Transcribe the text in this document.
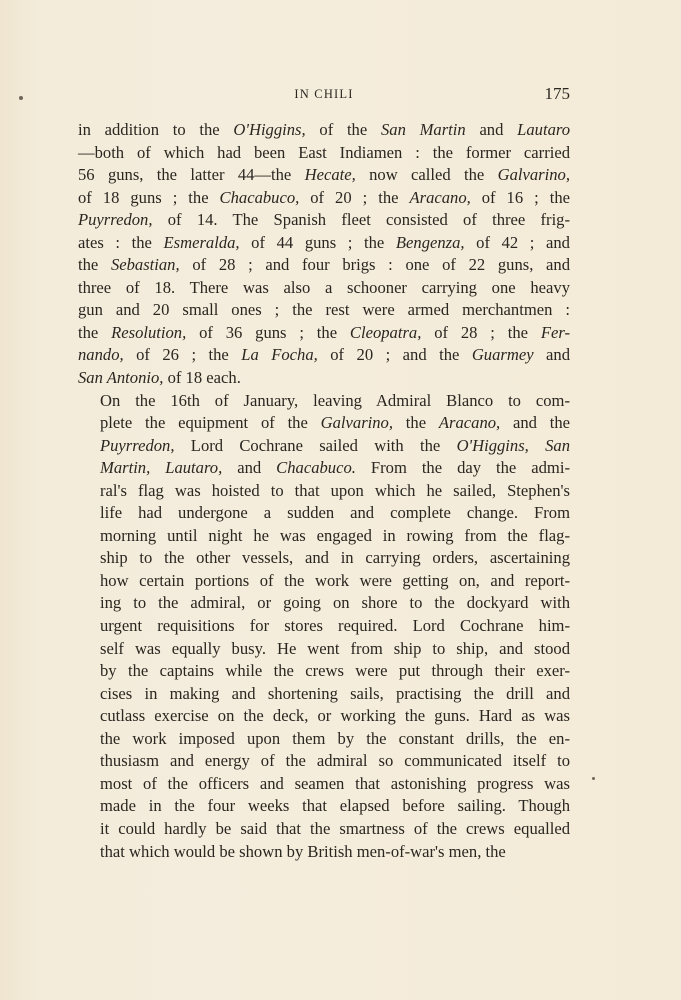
IN CHILI	175

in addition to the O'Higgins, of the San Martin and Lautaro
—both of which had been East Indiamen : the former carried
56 guns, the latter 44—the Hecate, now called the Galvarino,
of 18 guns ; the Chacabuco, of 20 ; the Aracano, of 16 ; the
Puyrredon, of 14. The Spanish fleet consisted of three frig-
ates : the Esmeralda, of 44 guns ; the Bengenza, of 42 ; and
the Sebastian, of 28 ; and four brigs : one of 22 guns, and
three of 18. There was also a schooner carrying one heavy
gun and 20 small ones ; the rest were armed merchantmen :
the Resolution, of 36 guns ; the Cleopatra, of 28 ; the Fer-
nando, of 26 ; the La Focha, of 20 ; and the Guarmey and
San Antonio, of 18 each.

On the 16th of January, leaving Admiral Blanco to com-
plete the equipment of the Galvarino, the Aracano, and the
Puyrredon, Lord Cochrane sailed with the O'Higgins, San
Martin, Lautaro, and Chacabuco. From the day the admi-
ral's flag was hoisted to that upon which he sailed, Stephen's
life had undergone a sudden and complete change. From
morning until night he was engaged in rowing from the flag-
ship to the other vessels, and in carrying orders, ascertaining
how certain portions of the work were getting on, and report-
ing to the admiral, or going on shore to the dockyard with
urgent requisitions for stores required. Lord Cochrane him-
self was equally busy. He went from ship to ship, and stood
by the captains while the crews were put through their exer-
cises in making and shortening sails, practising the drill and
cutlass exercise on the deck, or working the guns. Hard as was
the work imposed upon them by the constant drills, the en-
thusiasm and energy of the admiral so communicated itself to
most of the officers and seamen that astonishing progress was
made in the four weeks that elapsed before sailing. Though
it could hardly be said that the smartness of the crews equalled
that which would be shown by British men-of-war's men, the
